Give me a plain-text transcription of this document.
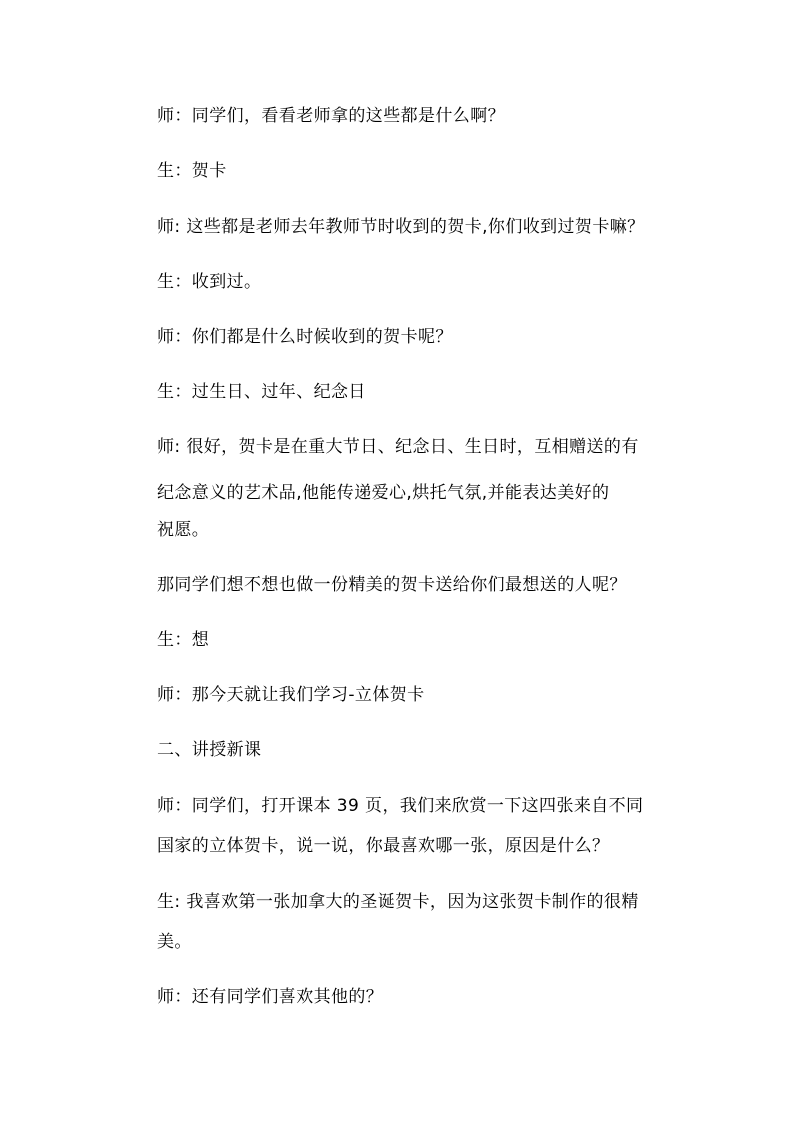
师：同学们，看看老师拿的这些都是什么啊？
生：贺卡
师: 这些都是老师去年教师节时收到的贺卡,你们收到过贺卡嘛？
生：收到过。
师：你们都是什么时候收到的贺卡呢？
生：过生日、过年、纪念日
师: 很好，贺卡是在重大节日、纪念日、生日时，互相赠送的有
纪念意义的艺术品,他能传递爱心,烘托气氛,并能表达美好的
祝愿。
那同学们想不想也做一份精美的贺卡送给你们最想送的人呢？
生：想
师：那今天就让我们学习-立体贺卡
二、讲授新课
师：同学们，打开课本 39 页，我们来欣赏一下这四张来自不同
国家的立体贺卡，说一说，你最喜欢哪一张，原因是什么？
生: 我喜欢第一张加拿大的圣诞贺卡，因为这张贺卡制作的很精
美。
师：还有同学们喜欢其他的？
